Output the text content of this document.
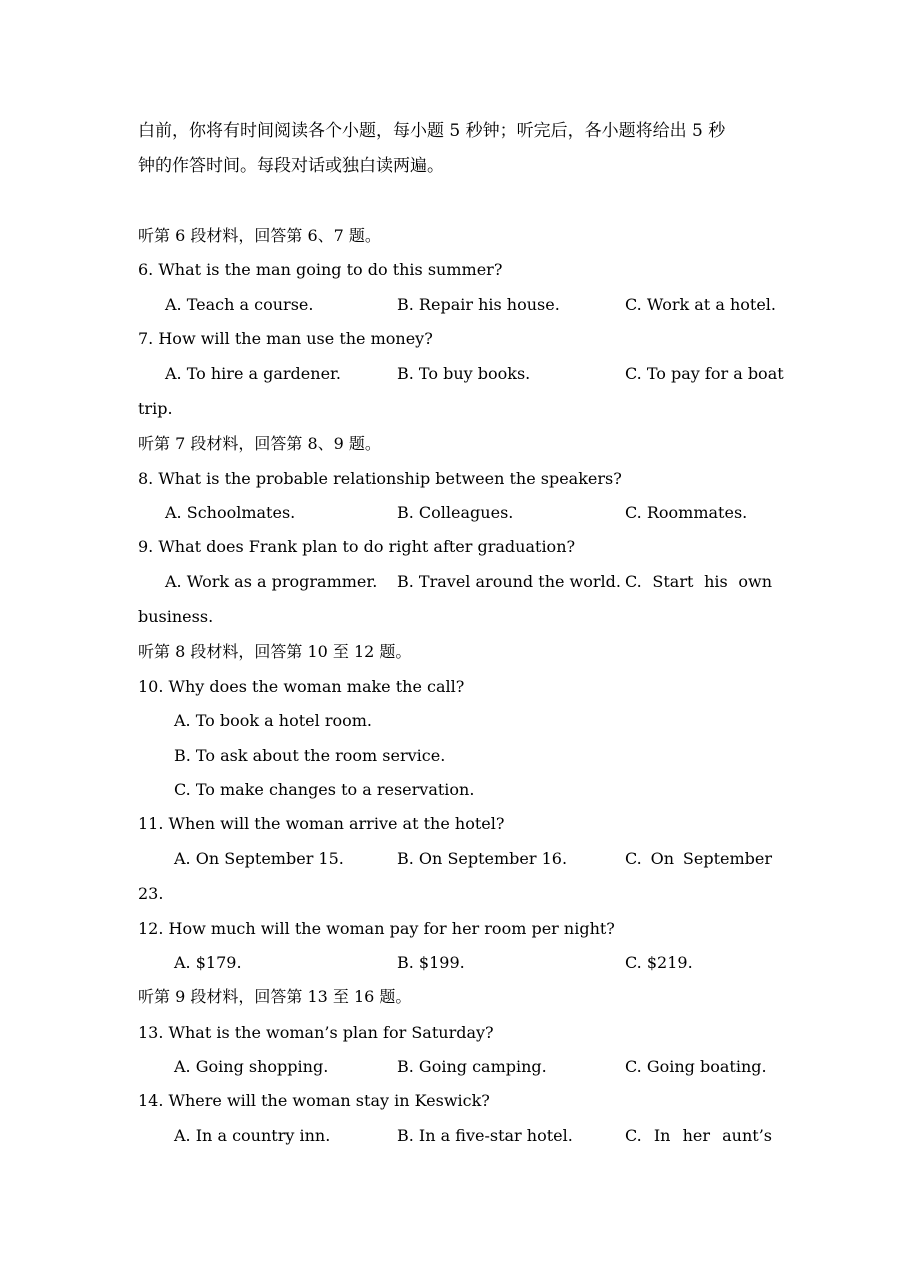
白前，你将有时间阅读各个小题，每小题 5 秒钟；听完后，各小题将给出 5 秒
钟的作答时间。每段对话或独白读两遍。
听第 6 段材料，回答第 6、7 题。
6. What is the man going to do this summer?
A. Teach a course.	B. Repair his house.	C. Work at a hotel.
7. How will the man use the money?
A. To hire a gardener.	B. To buy books.	C. To pay for a boat
trip.
听第 7 段材料，回答第 8、9 题。
8. What is the probable relationship between the speakers?
A. Schoolmates.	B. Colleagues.	C. Roommates.
9. What does Frank plan to do right after graduation?
A. Work as a programmer. B. Travel around the world. C. Start his own
business.
听第 8 段材料，回答第 10 至 12 题。
10. Why does the woman make the call?
A. To book a hotel room.
B. To ask about the room service.
C. To make changes to a reservation.
11. When will the woman arrive at the hotel?
A. On September 15.	B. On September 16.	C. On September
23.
12. How much will the woman pay for her room per night?
A. $179.	B. $199.	C. $219.
听第 9 段材料，回答第 13 至 16 题。
13. What is the woman’s plan for Saturday?
A. Going shopping.	B. Going camping.	C. Going boating.
14. Where will the woman stay in Keswick?
A. In a country inn.	B. In a five-star hotel.	C. In her aunt’s
